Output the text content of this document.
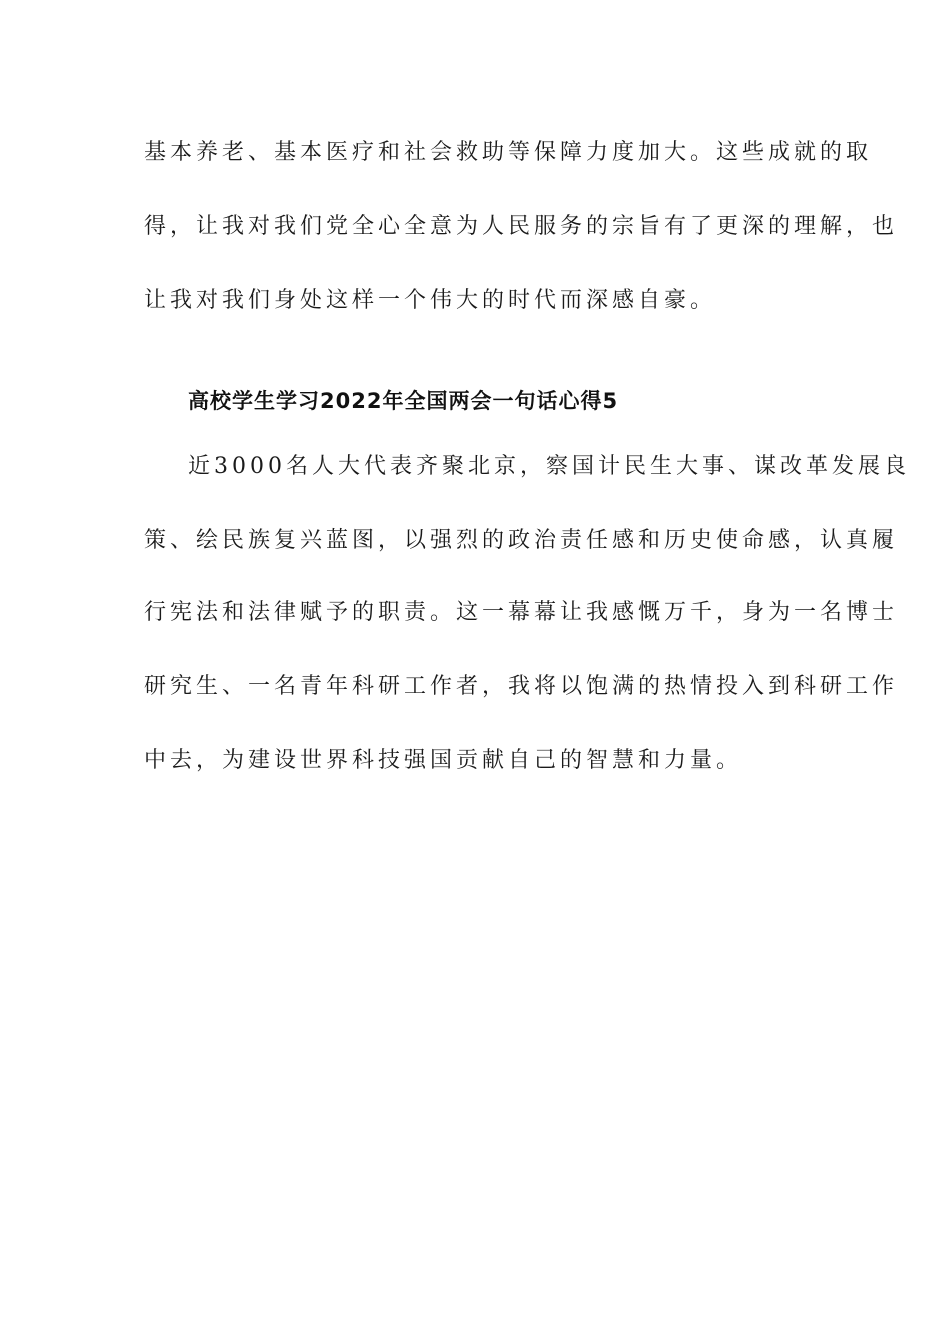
基本养老、基本医疗和社会救助等保障力度加大。这些成就的取
得，让我对我们党全心全意为人民服务的宗旨有了更深的理解，也
让我对我们身处这样一个伟大的时代而深感自豪。
高校学生学习2022年全国两会一句话心得5
近3000名人大代表齐聚北京，察国计民生大事、谋改革发展良
策、绘民族复兴蓝图，以强烈的政治责任感和历史使命感，认真履
行宪法和法律赋予的职责。这一幕幕让我感慨万千，身为一名博士
研究生、一名青年科研工作者，我将以饱满的热情投入到科研工作
中去，为建设世界科技强国贡献自己的智慧和力量。
